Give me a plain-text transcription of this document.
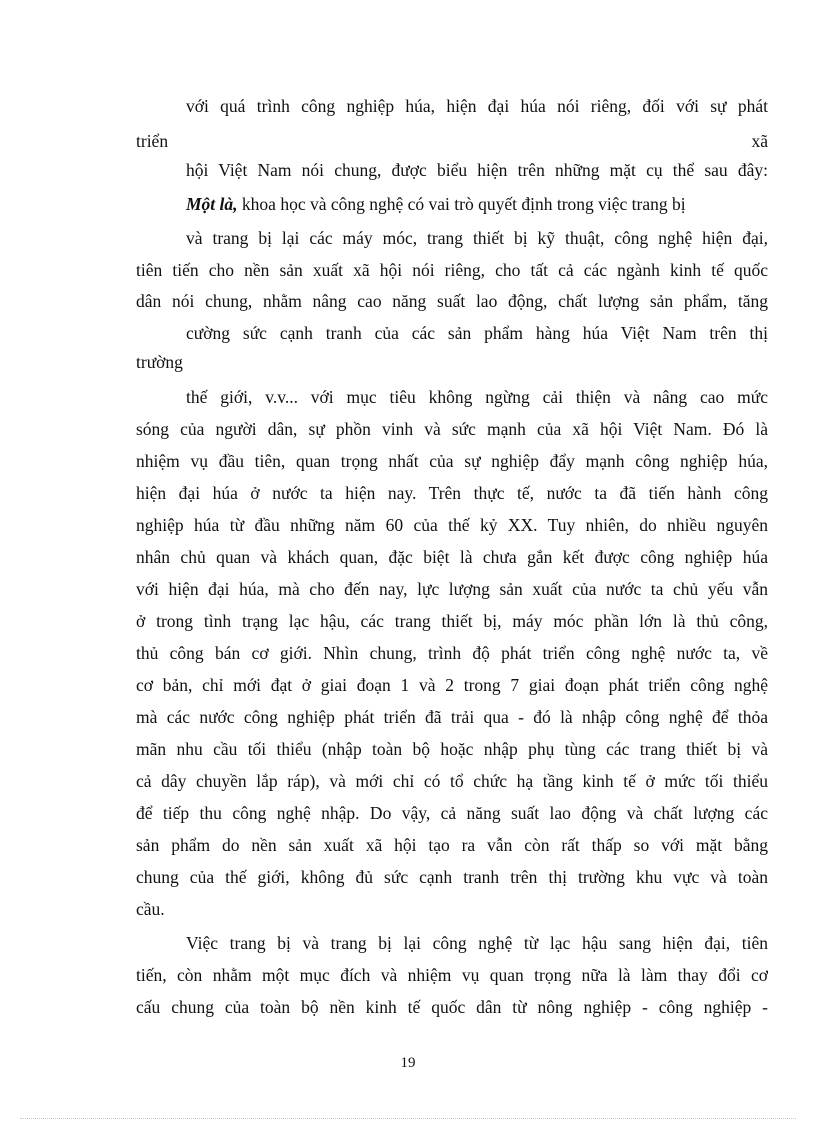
với quá trình công nghiệp húa, hiện đại húa nói riêng, đối với sự phát
triển	xã
hội Việt Nam nói chung, được biểu hiện trên những mặt cụ thể sau đây:
Một là, khoa học và công nghệ có vai trò quyết định trong việc trang bị
và trang bị lại các máy móc, trang thiết bị kỹ thuật, công nghệ hiện đại,
tiên tiến cho nền sản xuất xã hội nói riêng, cho tất cả các ngành kinh tế quốc
dân nói chung, nhằm nâng cao năng suất lao động, chất lượng sản phẩm, tăng
cường sức cạnh tranh của các sản phẩm hàng húa Việt Nam trên thị
trường
thế giới, v.v... với mục tiêu không ngừng cải thiện và nâng cao mức
sóng của người dân, sự phồn vinh và sức mạnh của xã hội Việt Nam. Đó là
nhiệm vụ đầu tiên, quan trọng nhất của sự nghiệp đẩy mạnh công nghiệp húa,
hiện đại húa ở nước ta hiện nay. Trên thực tế, nước ta đã tiến hành công
nghiệp húa từ đầu những năm 60 của thế kỷ XX. Tuy nhiên, do nhiều nguyên
nhân chủ quan và khách quan, đặc biệt là chưa gắn kết được công nghiệp húa
với hiện đại húa, mà cho đến nay, lực lượng sản xuất của nước ta chủ yếu vẫn
ở trong tình trạng lạc hậu, các trang thiết bị, máy móc phần lớn là thủ công,
thủ công bán cơ giới. Nhìn chung, trình độ phát triển công nghệ nước ta, về
cơ bản, chỉ mới đạt ở giai đoạn 1 và 2 trong 7 giai đoạn phát triển công nghệ
mà các nước công nghiệp phát triển đã trải qua - đó là nhập công nghệ để thỏa
mãn nhu cầu tối thiểu (nhập toàn bộ hoặc nhập phụ tùng các trang thiết bị và
cả dây chuyền lắp ráp), và mới chỉ có tổ chức hạ tầng kinh tế ở mức tối thiểu
để tiếp thu công nghệ nhập. Do vậy, cả năng suất lao động và chất lượng các
sản phẩm do nền sản xuất xã hội tạo ra vẫn còn rất thấp so với mặt bằng
chung của thế giới, không đủ sức cạnh tranh trên thị trường khu vực và toàn
cầu.
Việc trang bị và trang bị lại công nghệ từ lạc hậu sang hiện đại, tiên
tiến, còn nhằm một mục đích và nhiệm vụ quan trọng nữa là làm thay đổi cơ
cấu chung của toàn bộ nền kinh tế quốc dân từ nông nghiệp - công nghiệp -
19
